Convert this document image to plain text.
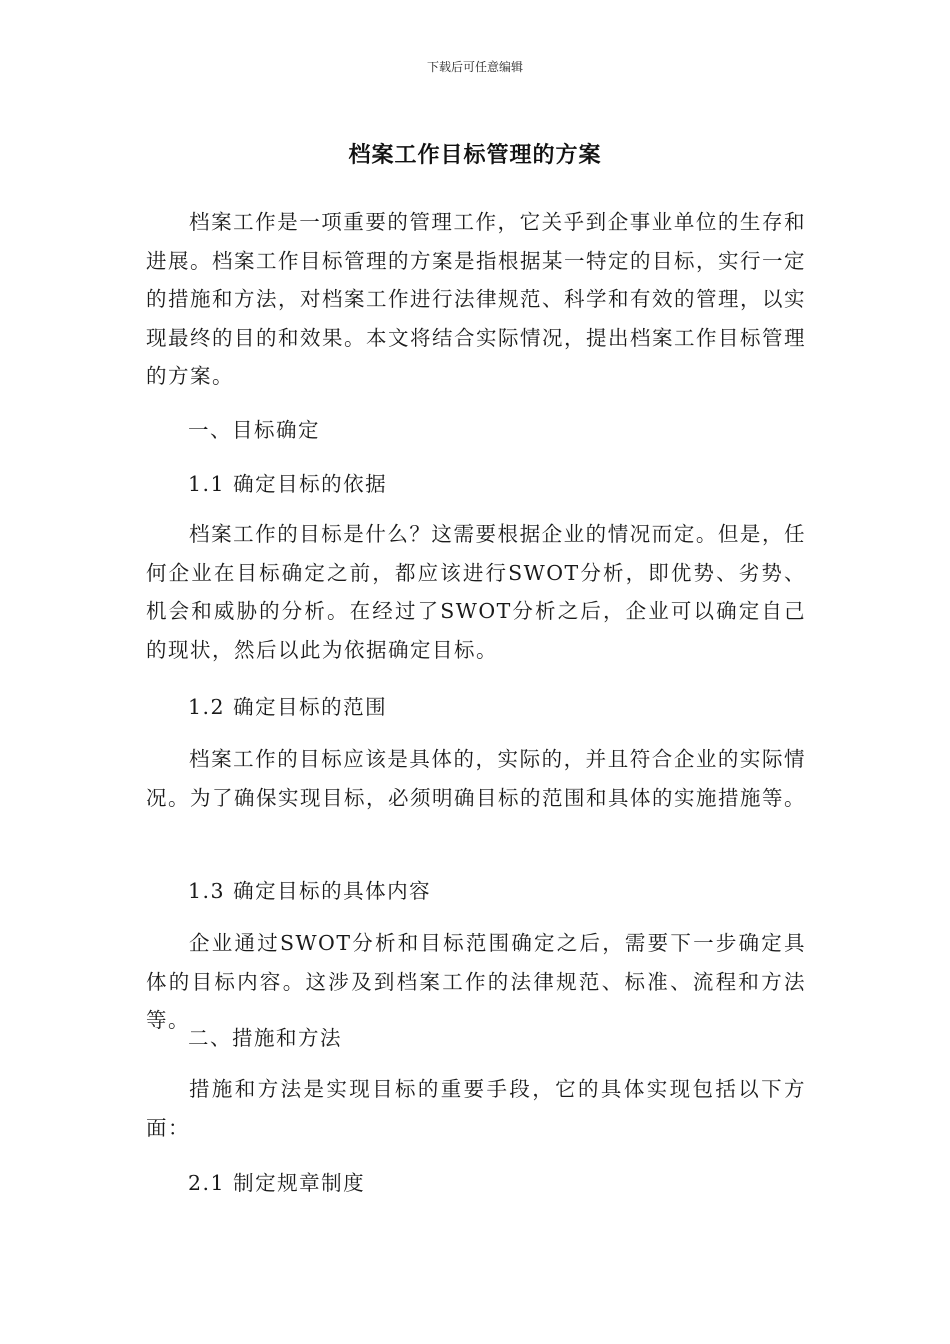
下载后可任意编辑
档案工作目标管理的方案

档案工作是一项重要的管理工作，它关乎到企事业单位的生存和进展。档案工作目标管理的方案是指根据某一特定的目标，实行一定的措施和方法，对档案工作进行法律规范、科学和有效的管理，以实现最终的目的和效果。本文将结合实际情况，提出档案工作目标管理的方案。

一、目标确定
1.1 确定目标的依据

档案工作的目标是什么？这需要根据企业的情况而定。但是，任何企业在目标确定之前，都应该进行SWOT分析，即优势、劣势、机会和威胁的分析。在经过了SWOT分析之后，企业可以确定自己的现状，然后以此为依据确定目标。

1.2 确定目标的范围

档案工作的目标应该是具体的，实际的，并且符合企业的实际情况。为了确保实现目标，必须明确目标的范围和具体的实施措施等。

1.3 确定目标的具体内容

企业通过SWOT分析和目标范围确定之后，需要下一步确定具体的目标内容。这涉及到档案工作的法律规范、标准、流程和方法等。

二、措施和方法

措施和方法是实现目标的重要手段，它的具体实现包括以下方面：

2.1 制定规章制度
